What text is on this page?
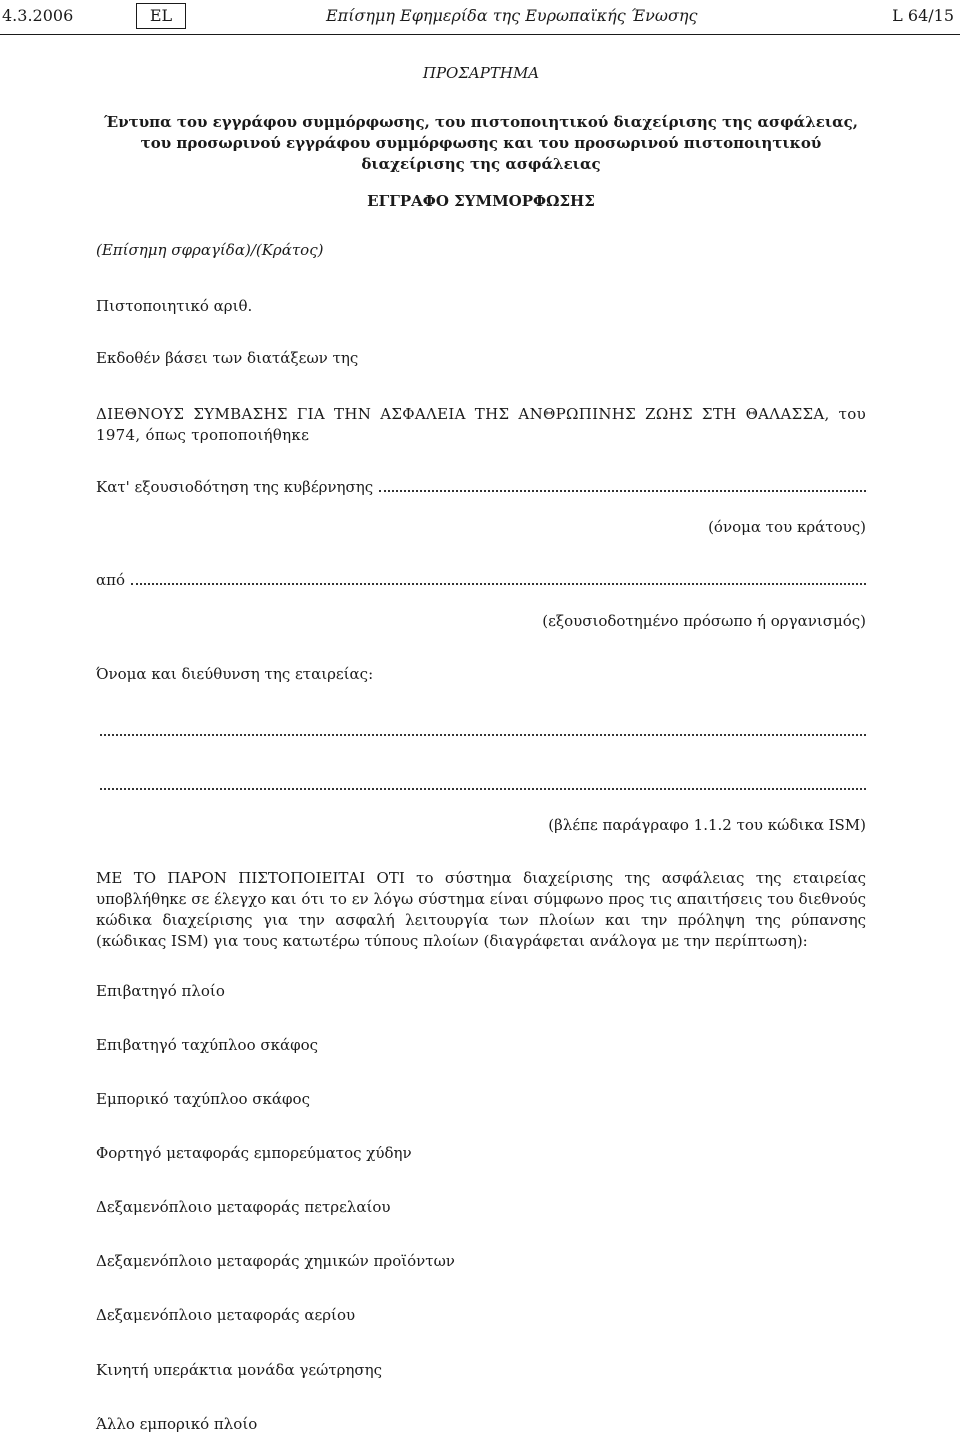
4.3.2006	EL	Επίσημη Εφημερίδα της Ευρωπαϊκής Ένωσης	L 64/15
ΠΡΟΣΑΡΤΗΜΑ
Έντυπα του εγγράφου συμμόρφωσης, του πιστοποιητικού διαχείρισης της ασφάλειας, του προσωρινού εγγράφου συμμόρφωσης και του προσωρινού πιστοποιητικού διαχείρισης της ασφάλειας
ΕΓΓΡΑΦΟ ΣΥΜΜΟΡΦΩΣΗΣ
(Επίσημη σφραγίδα)/(Κράτος)
Πιστοποιητικό αριθ.
Εκδοθέν βάσει των διατάξεων της
ΔΙΕΘΝΟΥΣ ΣΥΜΒΑΣΗΣ ΓΙΑ ΤΗΝ ΑΣΦΑΛΕΙΑ ΤΗΣ ΑΝΘΡΩΠΙΝΗΣ ΖΩΗΣ ΣΤΗ ΘΑΛΑΣΣΑ, του 1974, όπως τροποποιήθηκε
Κατ' εξουσιοδότηση της κυβέρνησης
(όνομα του κράτους)
από
(εξουσιοδοτημένο πρόσωπο ή οργανισμός)
Όνομα και διεύθυνση της εταιρείας:
(βλέπε παράγραφο 1.1.2 του κώδικα ISM)
ΜΕ ΤΟ ΠΑΡΟΝ ΠΙΣΤΟΠΟΙΕΙΤΑΙ ΟΤΙ το σύστημα διαχείρισης της ασφάλειας της εταιρείας υποβλήθηκε σε έλεγχο και ότι το εν λόγω σύστημα είναι σύμφωνο προς τις απαιτήσεις του διεθνούς κώδικα διαχείρισης για την ασφαλή λειτουργία των πλοίων και την πρόληψη της ρύπανσης (κώδικας ISM) για τους κατωτέρω τύπους πλοίων (διαγράφεται ανάλογα με την περίπτωση):
Επιβατηγό πλοίο
Επιβατηγό ταχύπλοο σκάφος
Εμπορικό ταχύπλοο σκάφος
Φορτηγό μεταφοράς εμπορεύματος χύδην
Δεξαμενόπλοιο μεταφοράς πετρελαίου
Δεξαμενόπλοιο μεταφοράς χημικών προϊόντων
Δεξαμενόπλοιο μεταφοράς αερίου
Κινητή υπεράκτια μονάδα γεώτρησης
Άλλο εμπορικό πλοίο
